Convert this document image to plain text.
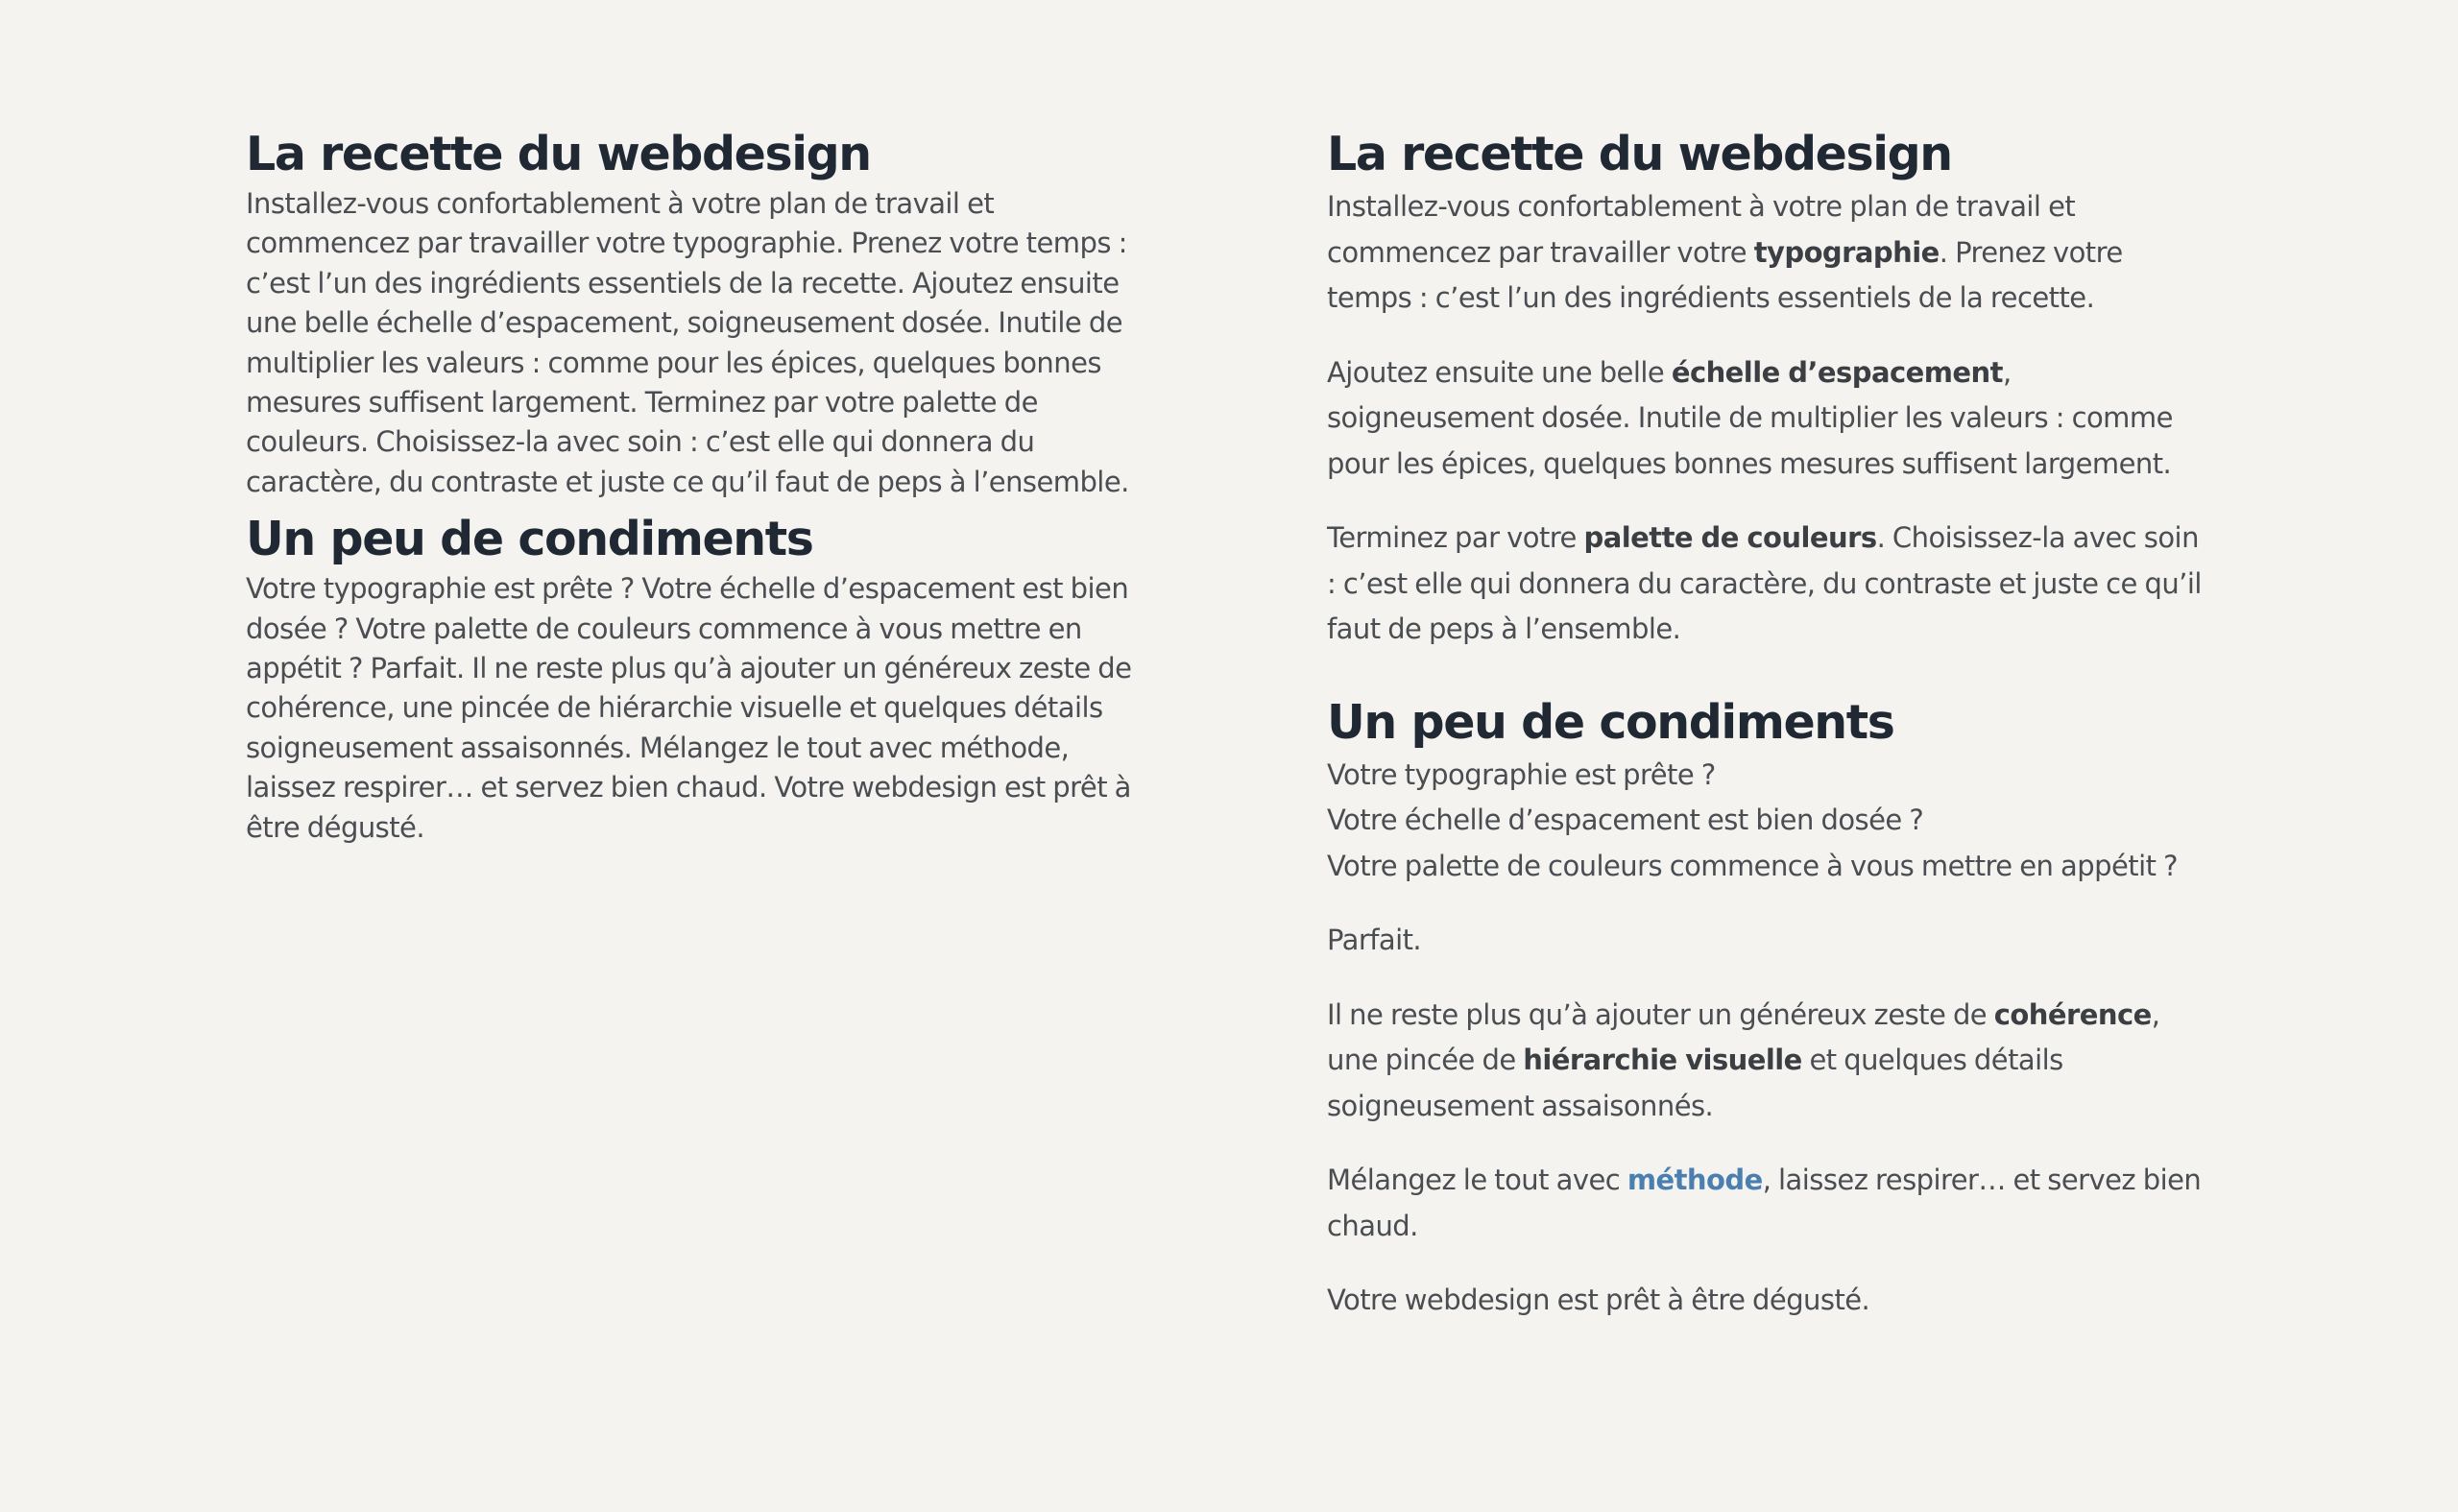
La recette du webdesign

Installez-vous confortablement à votre plan de travail et commencez par travailler votre typographie. Prenez votre temps : c’est l’un des ingrédients essentiels de la recette. Ajoutez ensuite une belle échelle d’espacement, soigneusement dosée. Inutile de multiplier les valeurs : comme pour les épices, quelques bonnes mesures suffisent largement. Terminez par votre palette de couleurs. Choisissez-la avec soin : c’est elle qui donnera du caractère, du contraste et juste ce qu’il faut de peps à l’ensemble.

Un peu de condiments

Votre typographie est prête ? Votre échelle d’espacement est bien dosée ? Votre palette de couleurs commence à vous mettre en appétit ? Parfait. Il ne reste plus qu’à ajouter un généreux zeste de cohérence, une pincée de hiérarchie visuelle et quelques détails soigneusement assaisonnés. Mélangez le tout avec méthode, laissez respirer… et servez bien chaud. Votre webdesign est prêt à être dégusté.

La recette du webdesign

Installez-vous confortablement à votre plan de travail et commencez par travailler votre typographie. Prenez votre temps : c’est l’un des ingrédients essentiels de la recette.

Ajoutez ensuite une belle échelle d’espacement, soigneusement dosée. Inutile de multiplier les valeurs : comme pour les épices, quelques bonnes mesures suffisent largement.

Terminez par votre palette de couleurs. Choisissez-la avec soin : c’est elle qui donnera du caractère, du contraste et juste ce qu’il faut de peps à l’ensemble.

Un peu de condiments

Votre typographie est prête ?
Votre échelle d’espacement est bien dosée ?
Votre palette de couleurs commence à vous mettre en appétit ?

Parfait.

Il ne reste plus qu’à ajouter un généreux zeste de cohérence, une pincée de hiérarchie visuelle et quelques détails soigneusement assaisonnés.

Mélangez le tout avec méthode, laissez respirer… et servez bien chaud.

Votre webdesign est prêt à être dégusté.
